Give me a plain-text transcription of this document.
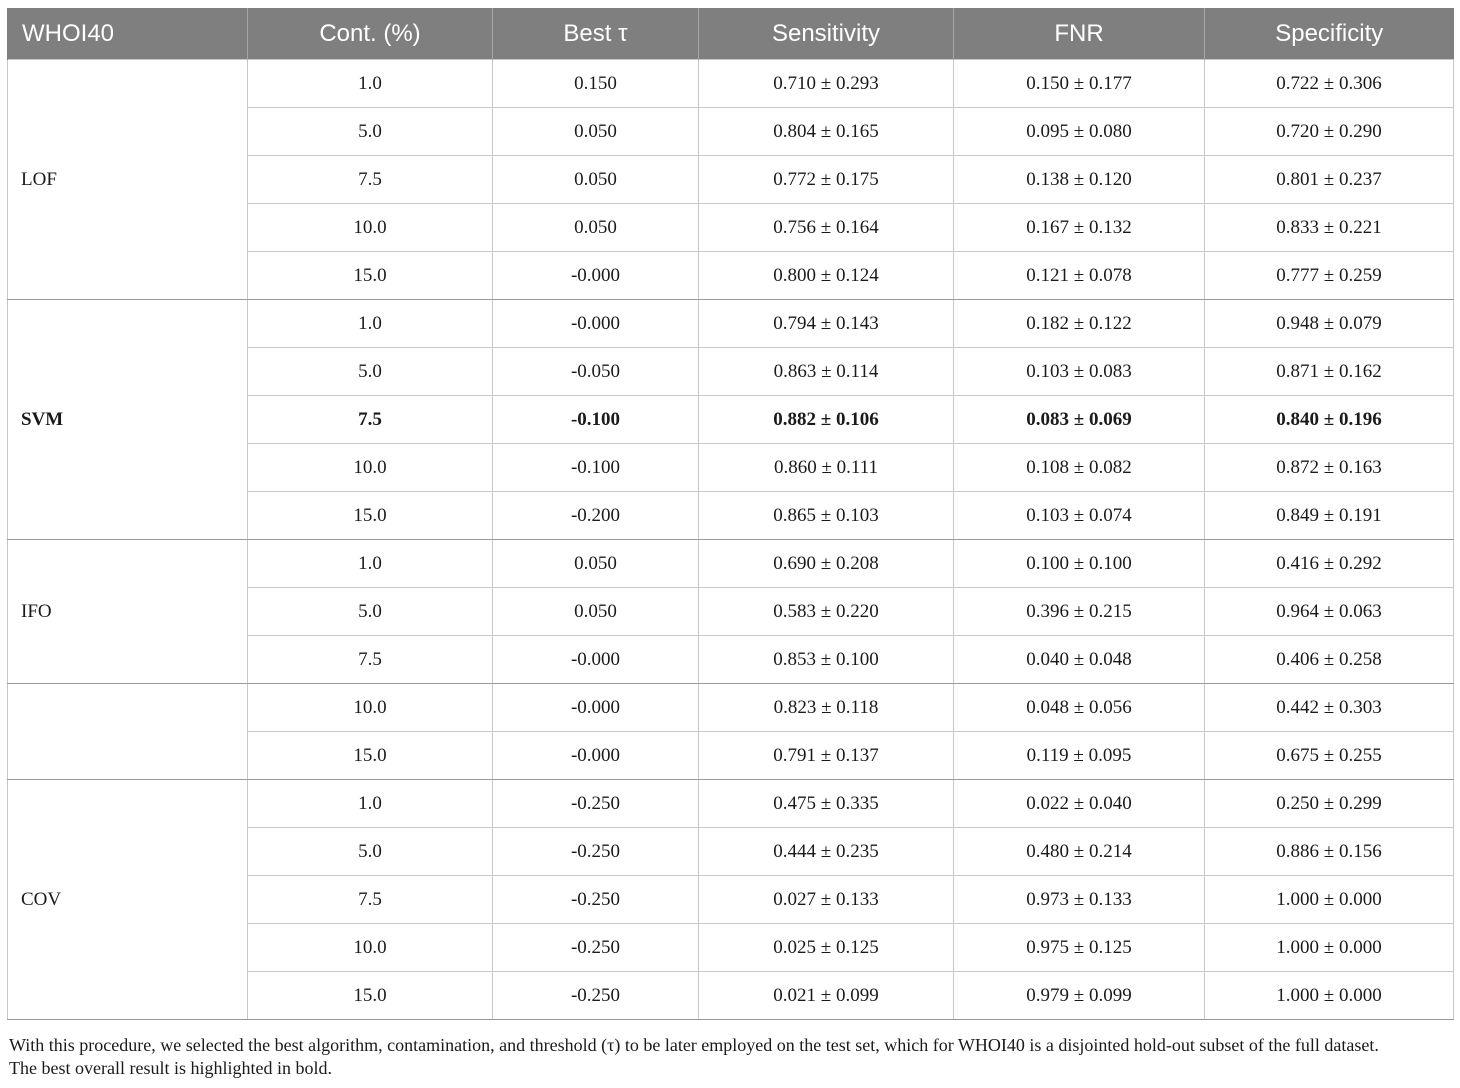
WHOI40	Cont. (%)	Best τ	Sensitivity	FNR	Specificity
LOF	1.0	0.150	0.710 ± 0.293	0.150 ± 0.177	0.722 ± 0.306
	5.0	0.050	0.804 ± 0.165	0.095 ± 0.080	0.720 ± 0.290
	7.5	0.050	0.772 ± 0.175	0.138 ± 0.120	0.801 ± 0.237
	10.0	0.050	0.756 ± 0.164	0.167 ± 0.132	0.833 ± 0.221
	15.0	-0.000	0.800 ± 0.124	0.121 ± 0.078	0.777 ± 0.259
SVM	1.0	-0.000	0.794 ± 0.143	0.182 ± 0.122	0.948 ± 0.079
	5.0	-0.050	0.863 ± 0.114	0.103 ± 0.083	0.871 ± 0.162
	7.5	-0.100	0.882 ± 0.106	0.083 ± 0.069	0.840 ± 0.196
	10.0	-0.100	0.860 ± 0.111	0.108 ± 0.082	0.872 ± 0.163
	15.0	-0.200	0.865 ± 0.103	0.103 ± 0.074	0.849 ± 0.191
IFO	1.0	0.050	0.690 ± 0.208	0.100 ± 0.100	0.416 ± 0.292
	5.0	0.050	0.583 ± 0.220	0.396 ± 0.215	0.964 ± 0.063
	7.5	-0.000	0.853 ± 0.100	0.040 ± 0.048	0.406 ± 0.258
	10.0	-0.000	0.823 ± 0.118	0.048 ± 0.056	0.442 ± 0.303
	15.0	-0.000	0.791 ± 0.137	0.119 ± 0.095	0.675 ± 0.255
COV	1.0	-0.250	0.475 ± 0.335	0.022 ± 0.040	0.250 ± 0.299
	5.0	-0.250	0.444 ± 0.235	0.480 ± 0.214	0.886 ± 0.156
	7.5	-0.250	0.027 ± 0.133	0.973 ± 0.133	1.000 ± 0.000
	10.0	-0.250	0.025 ± 0.125	0.975 ± 0.125	1.000 ± 0.000
	15.0	-0.250	0.021 ± 0.099	0.979 ± 0.099	1.000 ± 0.000

With this procedure, we selected the best algorithm, contamination, and threshold (τ) to be later employed on the test set, which for WHOI40 is a disjointed hold-out subset of the full dataset.

The best overall result is highlighted in bold.
